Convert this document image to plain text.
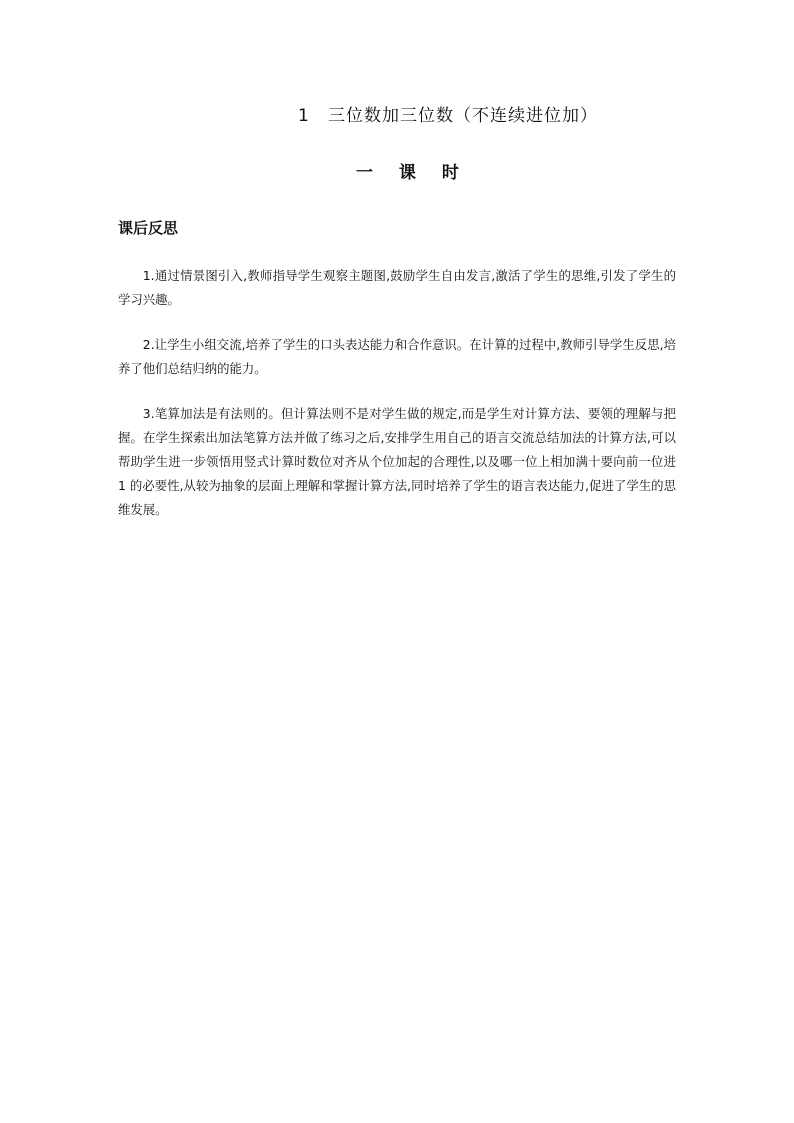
1 三位数加三位数（不连续进位加）
一 课 时
课后反思

1.通过情景图引入,教师指导学生观察主题图,鼓励学生自由发言,激活了学生的思维,引发了学生的学习兴趣。

2.让学生小组交流,培养了学生的口头表达能力和合作意识。在计算的过程中,教师引导学生反思,培养了他们总结归纳的能力。

3.笔算加法是有法则的。但计算法则不是对学生做的规定,而是学生对计算方法、要领的理解与把握。在学生探索出加法笔算方法并做了练习之后,安排学生用自己的语言交流总结加法的计算方法,可以帮助学生进一步领悟用竖式计算时数位对齐从个位加起的合理性,以及哪一位上相加满十要向前一位进 1 的必要性,从较为抽象的层面上理解和掌握计算方法,同时培养了学生的语言表达能力,促进了学生的思维发展。
